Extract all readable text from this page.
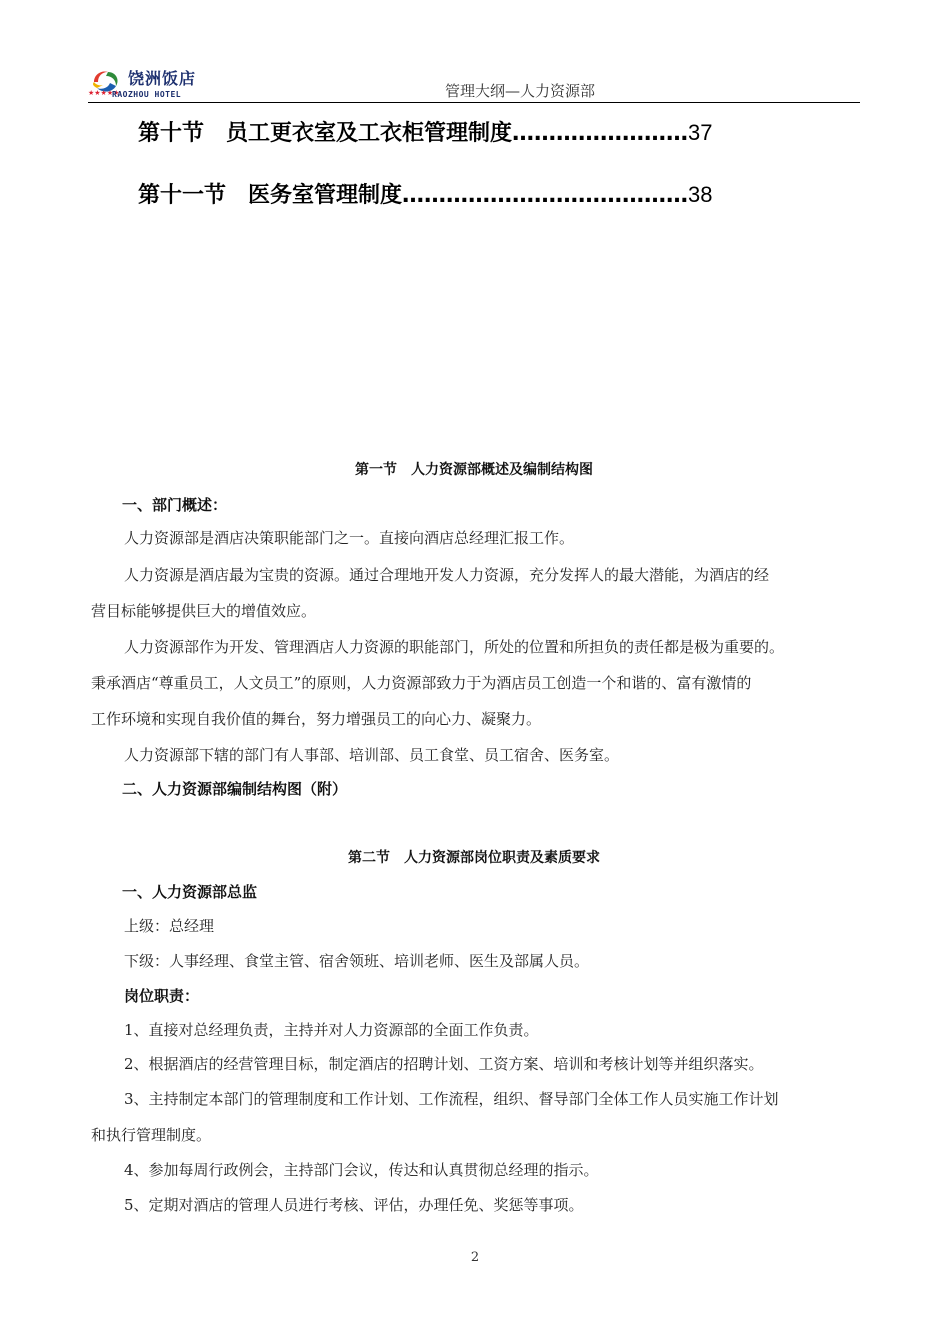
饶洲饭店
★★★★★
RAOZHOU HOTEL	管理大纲—人力资源部
第十节　员工更衣室及工衣柜管理制度……………………37
第十一节　医务室管理制度…………………………………38
第一节　人力资源部概述及编制结构图
一、部门概述：
人力资源部是酒店决策职能部门之一。直接向酒店总经理汇报工作。
人力资源是酒店最为宝贵的资源。通过合理地开发人力资源，充分发挥人的最大潜能，为酒店的经
营目标能够提供巨大的增值效应。
人力资源部作为开发、管理酒店人力资源的职能部门，所处的位置和所担负的责任都是极为重要的。
秉承酒店“尊重员工，人文员工”的原则，人力资源部致力于为酒店员工创造一个和谐的、富有激情的
工作环境和实现自我价值的舞台，努力增强员工的向心力、凝聚力。
人力资源部下辖的部门有人事部、培训部、员工食堂、员工宿舍、医务室。
二、人力资源部编制结构图（附）
第二节　人力资源部岗位职责及素质要求
一、人力资源部总监
上级：总经理
下级：人事经理、食堂主管、宿舍领班、培训老师、医生及部属人员。
岗位职责：
1、直接对总经理负责，主持并对人力资源部的全面工作负责。
2、根据酒店的经营管理目标，制定酒店的招聘计划、工资方案、培训和考核计划等并组织落实。
3、主持制定本部门的管理制度和工作计划、工作流程，组织、督导部门全体工作人员实施工作计划
和执行管理制度。
4、参加每周行政例会，主持部门会议，传达和认真贯彻总经理的指示。
5、定期对酒店的管理人员进行考核、评估，办理任免、奖惩等事项。
2
